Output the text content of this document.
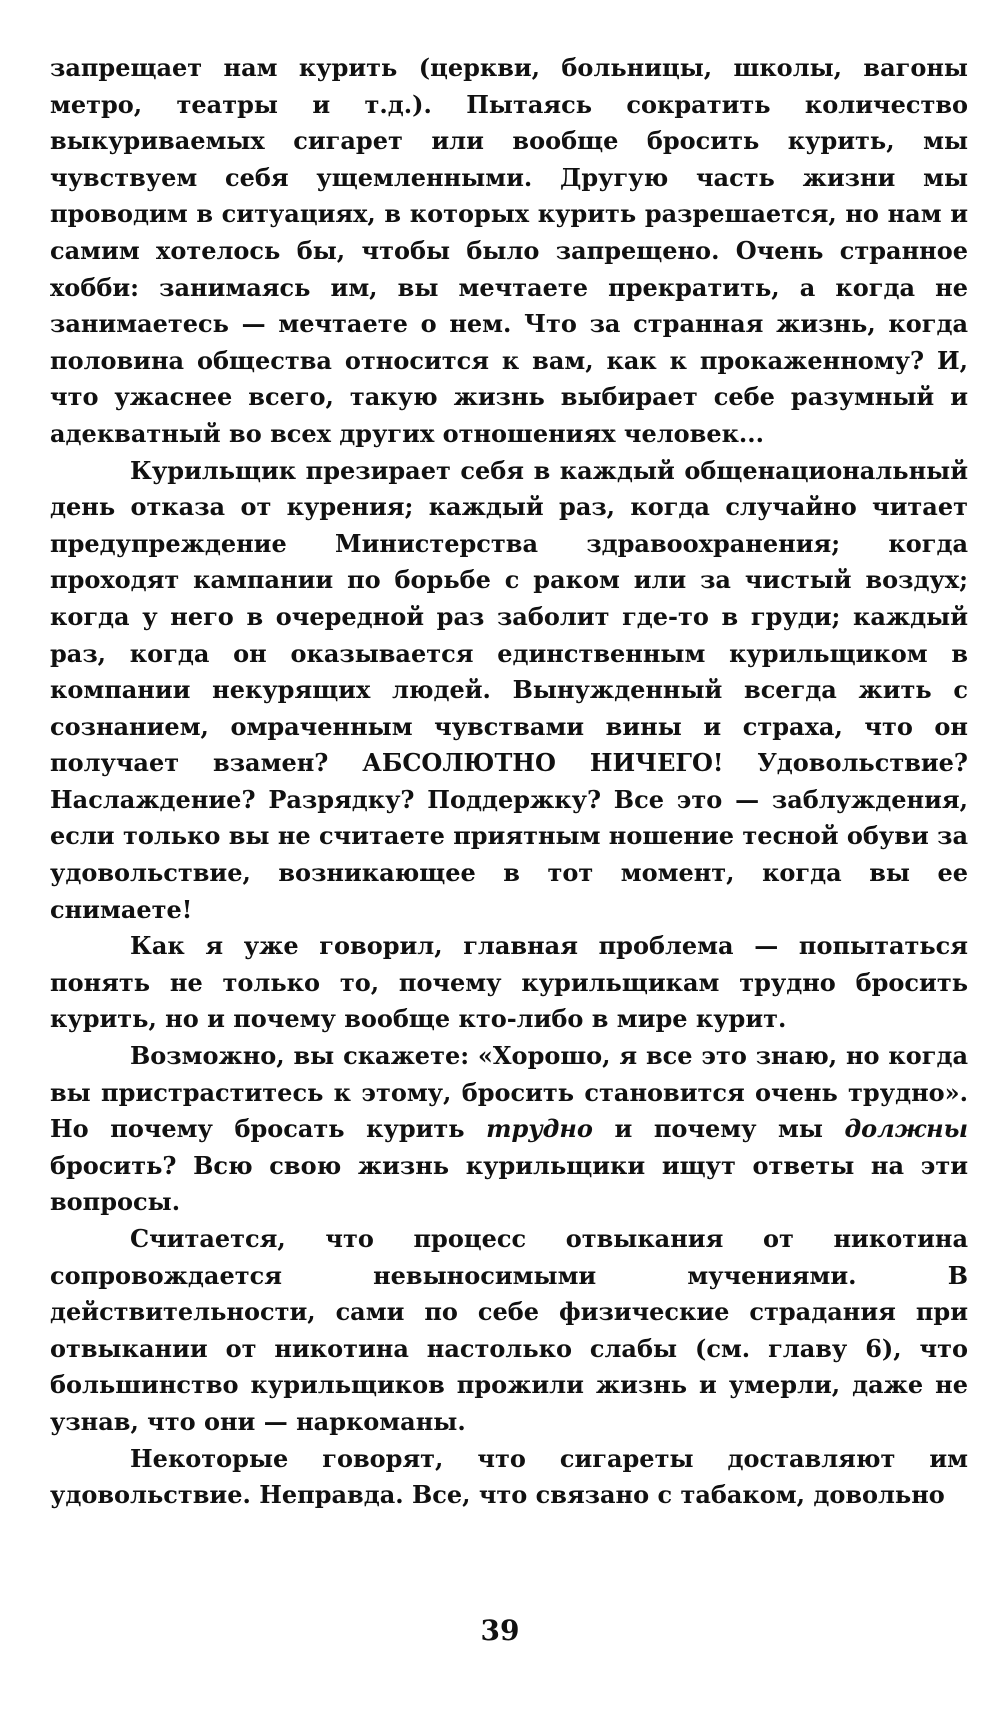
запрещает нам курить (церкви, больницы, школы, вагоны метро, театры и т.д.). Пытаясь сократить количество выкуриваемых сигарет или вообще бросить курить, мы чувствуем себя ущемленными. Другую часть жизни мы проводим в ситуациях, в которых курить разрешается, но нам и самим хотелось бы, чтобы было запрещено. Очень странное хобби: занимаясь им, вы мечтаете прекратить, а когда не занимаетесь — мечтаете о нем. Что за странная жизнь, когда половина общества относится к вам, как к прокаженному? И, что ужаснее всего, такую жизнь выбирает себе разумный и адекватный во всех других отношениях человек...

Курильщик презирает себя в каждый общенациональный день отказа от курения; каждый раз, когда случайно читает предупреждение Министерства здравоохранения; когда проходят кампании по борьбе с раком или за чистый воздух; когда у него в очередной раз заболит где-то в груди; каждый раз, когда он оказывается единственным курильщиком в компании некурящих людей. Вынужденный всегда жить с сознанием, омраченным чувствами вины и страха, что он получает взамен? АБСОЛЮТНО НИЧЕГО! Удовольствие? Наслаждение? Разрядку? Поддержку? Все это — заблуждения, если только вы не считаете приятным ношение тесной обуви за удовольствие, возникающее в тот момент, когда вы ее снимаете!

Как я уже говорил, главная проблема — попытаться понять не только то, почему курильщикам трудно бросить курить, но и почему вообще кто-либо в мире курит.

Возможно, вы скажете: «Хорошо, я все это знаю, но когда вы пристраститесь к этому, бросить становится очень трудно». Но почему бросать курить трудно и почему мы должны бросить? Всю свою жизнь курильщики ищут ответы на эти вопросы.

Считается, что процесс отвыкания от никотина сопровождается невыносимыми мучениями. В действительности, сами по себе физические страдания при отвыкании от никотина настолько слабы (см. главу 6), что большинство курильщиков прожили жизнь и умерли, даже не узнав, что они — наркоманы.

Некоторые говорят, что сигареты доставляют им удовольствие. Неправда. Все, что связано с табаком, довольно

39
